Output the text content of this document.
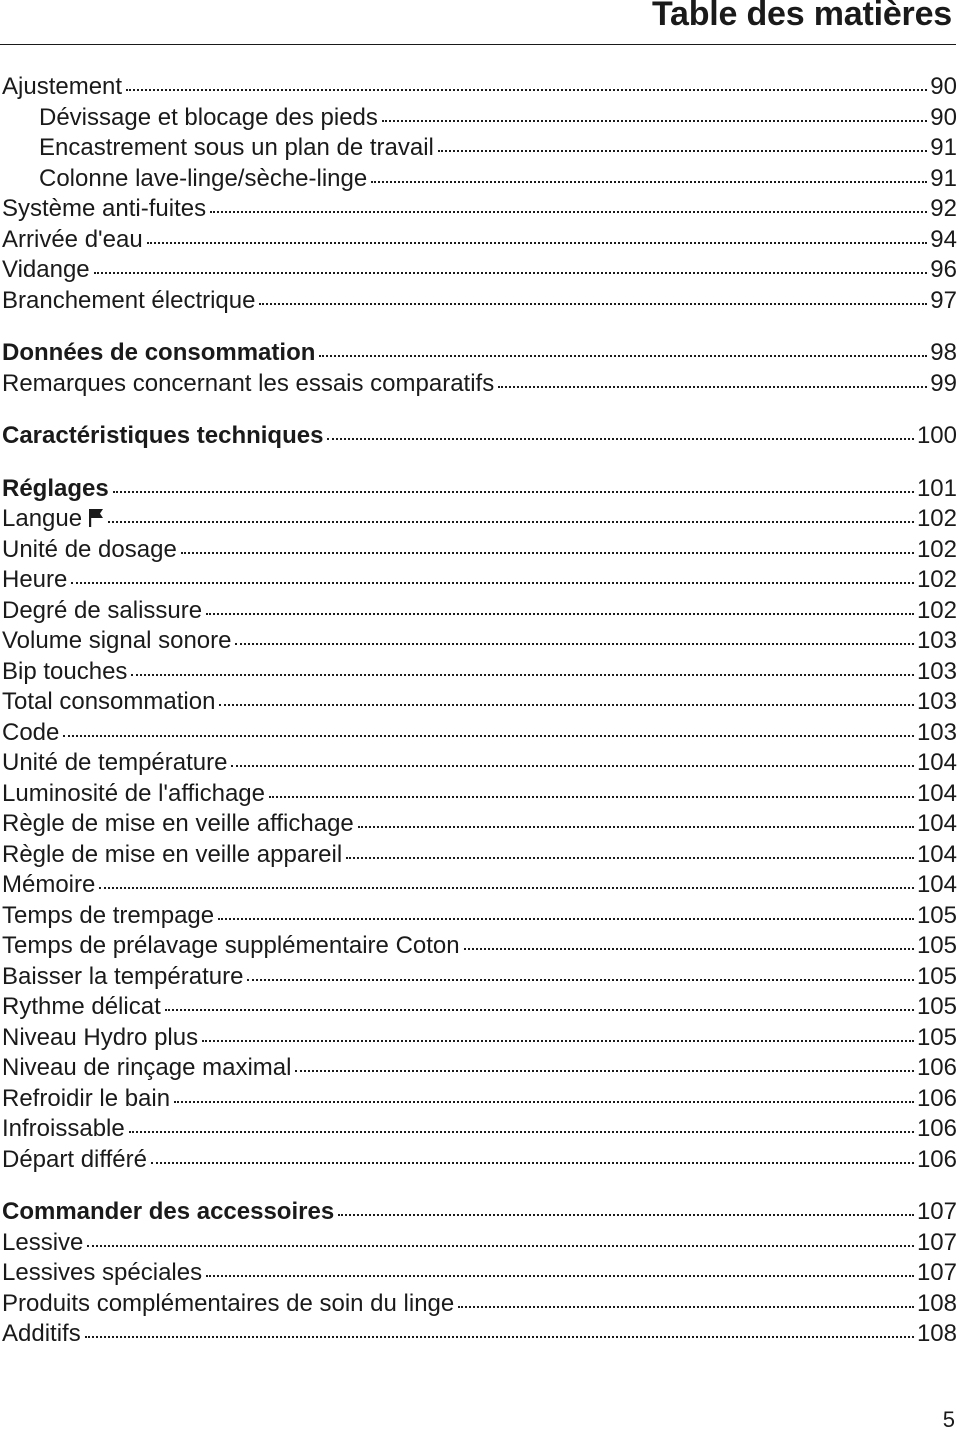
Table des matières
Ajustement	90
Dévissage et blocage des pieds	90
Encastrement sous un plan de travail	91
Colonne lave-linge/sèche-linge	91
Système anti-fuites	92
Arrivée d'eau	94
Vidange	96
Branchement électrique	97
Données de consommation	98
Remarques concernant les essais comparatifs	99
Caractéristiques techniques	100
Réglages	101
Langue	102
Unité de dosage	102
Heure	102
Degré de salissure	102
Volume signal sonore	103
Bip touches	103
Total consommation	103
Code	103
Unité de température	104
Luminosité de l'affichage	104
Règle de mise en veille affichage	104
Règle de mise en veille appareil	104
Mémoire	104
Temps de trempage	105
Temps de prélavage supplémentaire Coton	105
Baisser la température	105
Rythme délicat	105
Niveau Hydro plus	105
Niveau de rinçage maximal	106
Refroidir le bain	106
Infroissable	106
Départ différé	106
Commander des accessoires	107
Lessive	107
Lessives spéciales	107
Produits complémentaires de soin du linge	108
Additifs	108
5
